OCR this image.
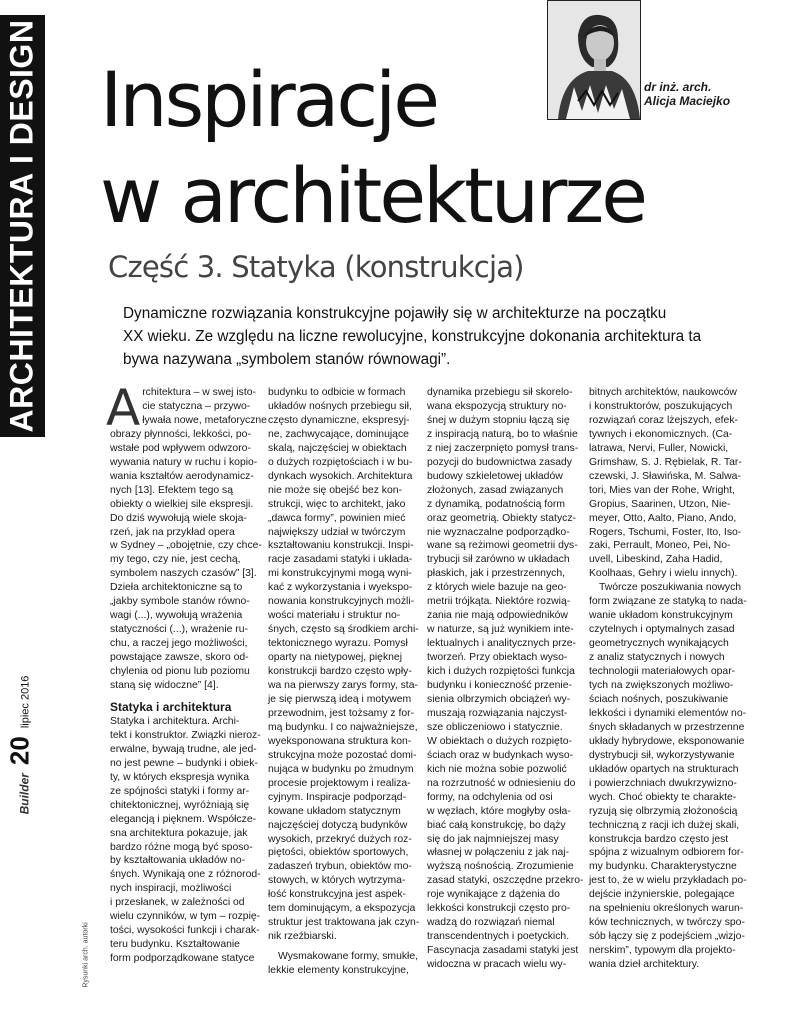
ARCHITEKTURA I DESIGN
Builder
20
lipiec 2016
Rysunki arch. autorki
dr inż. arch.
Alicja Maciejko
Inspiracje
w architekturze
Część 3. Statyka (konstrukcja)

Dynamiczne rozwiązania konstrukcyjne pojawiły się w architekturze na początku
XX wieku. Ze względu na liczne rewolucyjne, konstrukcyjne dokonania architektura ta
bywa nazywana „symbolem stanów równowagi”.

A rchitektura – w swej isto-
cie statyczna – przywo-
ływała nowe, metaforyczne
obrazy płynności, lekkości, po-
wstałe pod wpływem odwzoro-
wywania natury w ruchu i kopio-
wania kształtów aerodynamicz-
nych [13]. Efektem tego są
obiekty o wielkiej sile ekspresji.
Do dziś wywołują wiele skoja-
rzeń, jak na przykład opera
w Sydney – „obojętnie, czy chce-
my tego, czy nie, jest cechą,
symbolem naszych czasów” [3].
Dzieła architektoniczne są to
„jakby symbole stanów równo-
wagi (...), wywołują wrażenia
statyczności (...), wrażenie ru-
chu, a raczej jego możliwości,
powstające zawsze, skoro od-
chylenia od pionu lub poziomu
staną się widoczne” [4].
Statyka i architektura
Statyka i architektura. Archi-
tekt i konstruktor. Związki nieroz-
erwalne, bywają trudne, ale jed-
no jest pewne – budynki i obiek-
ty, w których ekspresja wynika
ze spójności statyki i formy ar-
chitektonicznej, wyróżniają się
elegancją i pięknem. Współcze-
sna architektura pokazuje, jak
bardzo różne mogą być sposo-
by kształtowania układów no-
śnych. Wynikają one z różnorod-
nych inspiracji, możliwości
i przesłanek, w zależności od
wielu czynników, w tym – rozpię-
tości, wysokości funkcji i charak-
teru budynku. Kształtowanie
form podporządkowane statyce
budynku to odbicie w formach
układów nośnych przebiegu sił,
często dynamiczne, ekspresyj-
ne, zachwycające, dominujące
skalą, najczęściej w obiektach
o dużych rozpiętościach i w bu-
dynkach wysokich. Architektura
nie może się obejść bez kon-
strukcji, więc to architekt, jako
„dawca formy”, powinien mieć
największy udział w twórczym
kształtowaniu konstrukcji. Inspi-
racje zasadami statyki i układa-
mi konstrukcyjnymi mogą wyni-
kać z wykorzystania i wyekspo-
nowania konstrukcyjnych możli-
wości materiału i struktur no-
śnych, często są środkiem archi-
tektonicznego wyrazu. Pomysł
oparty na nietypowej, pięknej
konstrukcji bardzo często wpły-
wa na pierwszy zarys formy, sta-
je się pierwszą ideą i motywem
przewodnim, jest tożsamy z for-
mą budynku. I co najważniejsze,
wyeksponowana struktura kon-
strukcyjna może pozostać domi-
nująca w budynku po żmudnym
procesie projektowym i realiza-
cyjnym. Inspiracje podporząd-
kowane układom statycznym
najczęściej dotyczą budynków
wysokich, przekryć dużych roz-
piętości, obiektów sportowych,
zadaszeń trybun, obiektów mo-
stowych, w których wytrzyma-
łość konstrukcyjna jest aspek-
tem dominującym, a ekspozycja
struktur jest traktowana jak czyn-
nik rzeźbiarski.
Wysmakowane formy, smukłe,
lekkie elementy konstrukcyjne,
dynamika przebiegu sił skorelo-
wana ekspozycją struktury no-
śnej w dużym stopniu łączą się
z inspiracją naturą, bo to właśnie
z niej zaczerpnięto pomysł trans-
pozycji do budownictwa zasady
budowy szkieletowej układów
złożonych, zasad związanych
z dynamiką, podatnością form
oraz geometrią. Obiekty statycz-
nie wyznaczalne podporządko-
wane są reżimowi geometrii dys-
trybucji sił zarówno w układach
płaskich, jak i przestrzennych,
z których wiele bazuje na geo-
metrii trójkąta. Niektóre rozwią-
zania nie mają odpowiedników
w naturze, są już wynikiem inte-
lektualnych i analitycznych prze-
tworzeń. Przy obiektach wyso-
kich i dużych rozpiętości funkcja
budynku i konieczność przenie-
sienia olbrzymich obciążeń wy-
muszają rozwiązania najczyst-
sze obliczeniowo i statycznie.
W obiektach o dużych rozpięto-
ściach oraz w budynkach wyso-
kich nie można sobie pozwolić
na rozrzutność w odniesieniu do
formy, na odchylenia od osi
w węzłach, które mogłyby osła-
biać całą konstrukcję, bo dąży
się do jak najmniejszej masy
własnej w połączeniu z jak naj-
wyższą nośnością. Zrozumienie
zasad statyki, oszczędne przekro-
roje wynikające z dążenia do
lekkości konstrukcji często pro-
wadzą do rozwiązań niemal
transcendentnych i poetyckich.
Fascynacja zasadami statyki jest
widoczna w pracach wielu wy-
bitnych architektów, naukowców
i konstruktorów, poszukujących
rozwiązań coraz lżejszych, efek-
tywnych i ekonomicznych. (Ca-
latrawa, Nervi, Fuller, Nowicki,
Grimshaw, S. J. Rębielak, R. Tar-
czewski, J. Sławińska, M. Salwa-
tori, Mies van der Rohe, Wright,
Gropius, Saarinen, Utzon, Nie-
meyer, Otto, Aalto, Piano, Ando,
Rogers, Tschumi, Foster, Ito, Iso-
zaki, Perrault, Moneo, Pei, No-
uvell, Libeskind, Zaha Hadid,
Koolhaas, Gehry i wielu innych).
Twórcze poszukiwania nowych
form związane ze statyką to nada-
wanie układom konstrukcyjnym
czytelnych i optymalnych zasad
geometrycznych wynikających
z analiz statycznych i nowych
technologii materiałowych opar-
tych na zwiększonych możliwo-
ściach nośnych, poszukiwanie
lekkości i dynamiki elementów no-
śnych składanych w przestrzenne
układy hybrydowe, eksponowanie
dystrybucji sił, wykorzystywanie
układów opartych na strukturach
i powierzchniach dwukrzywizno-
wych. Choć obiekty te charakte-
ryzują się olbrzymią złożonością
techniczną z racji ich dużej skali,
konstrukcja bardzo często jest
spójna z wizualnym odbiorem for-
my budynku. Charakterystyczne
jest to, że w wielu przykładach po-
dejście inżynierskie, polegające
na spełnieniu określonych warun-
ków technicznych, w twórczy spo-
sób łączy się z podejściem „wizjo-
nerskim”, typowym dla projekto-
wania dzieł architektury.
